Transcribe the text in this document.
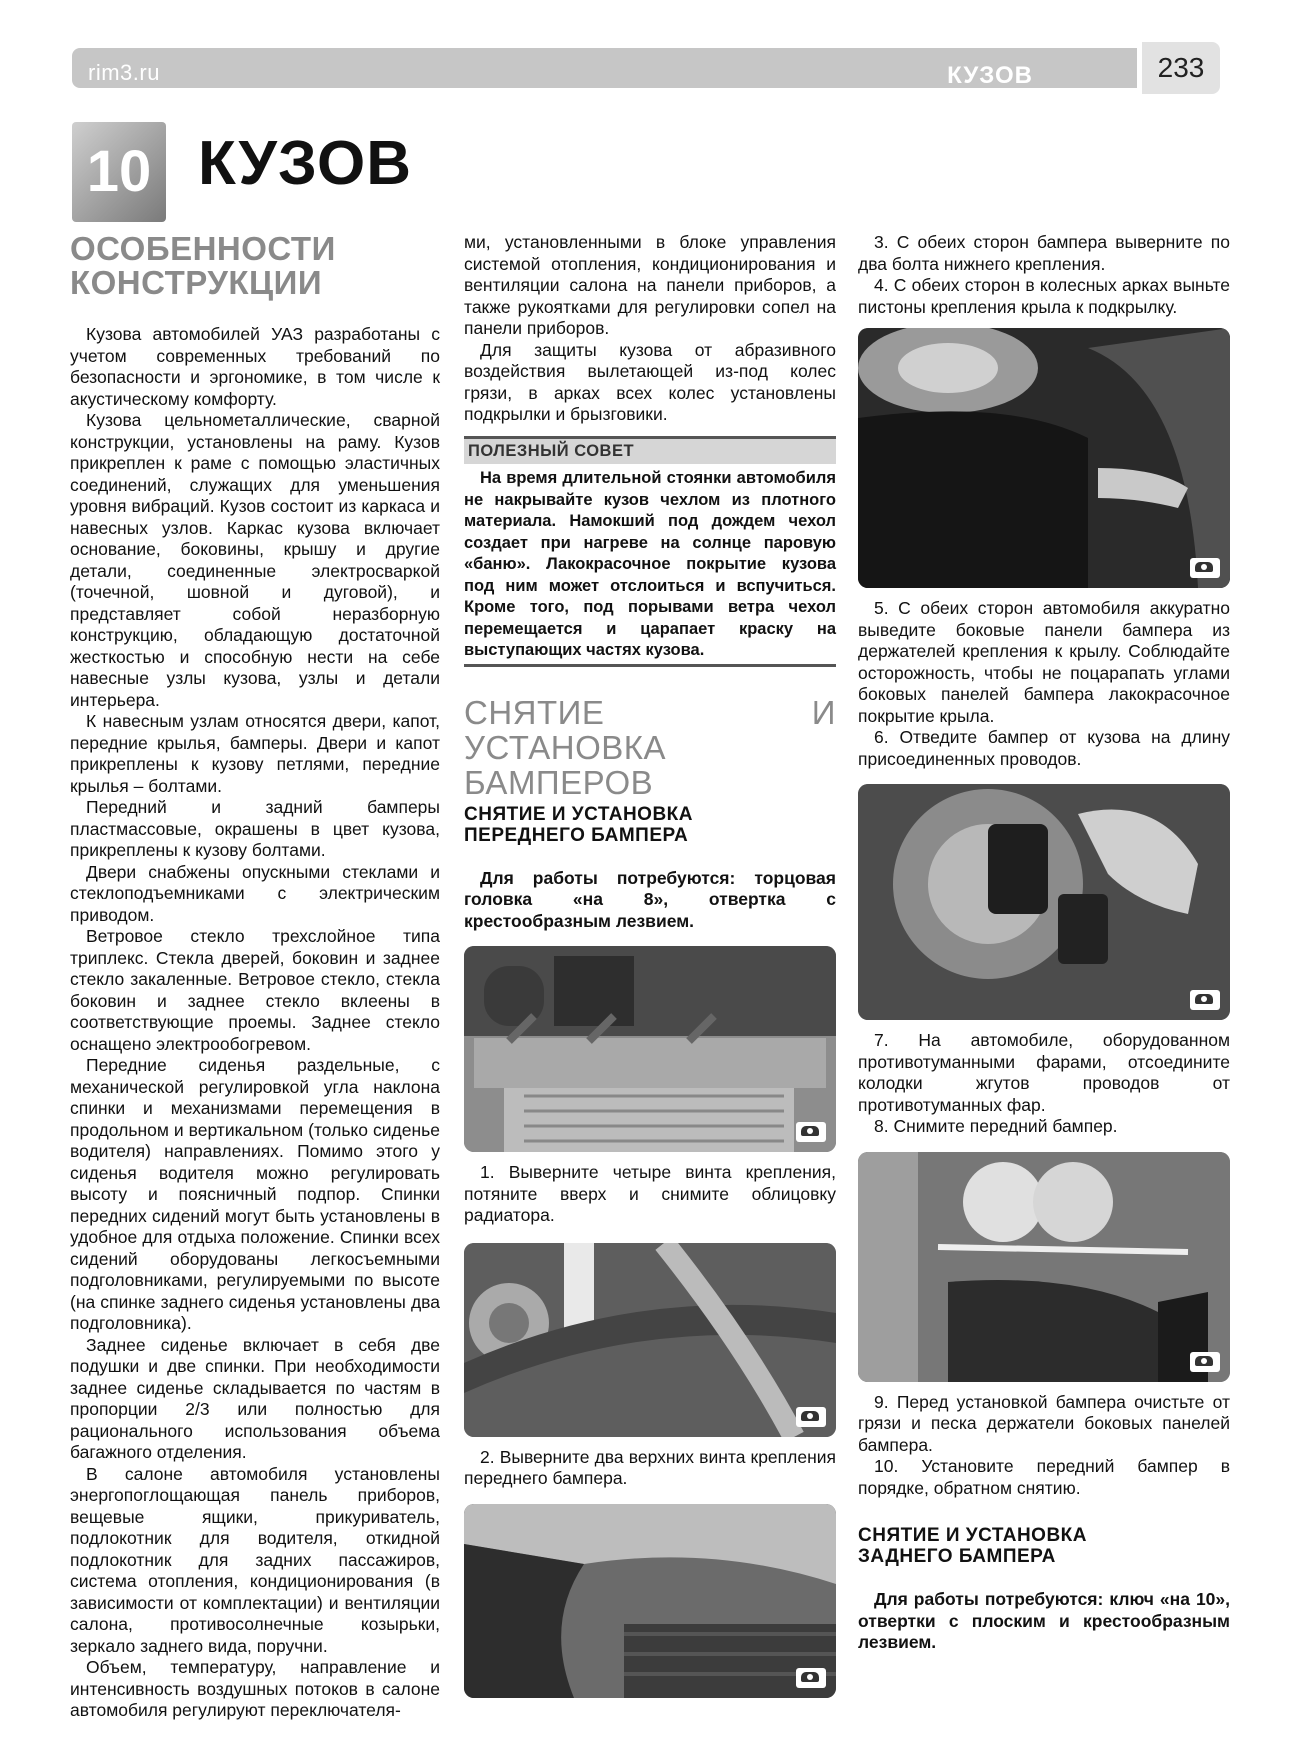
rim3.ru	КУЗОВ	233
10 КУЗОВ
ОСОБЕННОСТИ
КОНСТРУКЦИИ

Кузова автомобилей УАЗ разработаны с учетом современных требований по безопасности и эргономике, в том числе к акустическому комфорту.

Кузова цельнометаллические, сварной конструкции, установлены на раму. Кузов прикреплен к раме с помощью эластичных соединений, служащих для уменьшения уровня вибраций. Кузов состоит из каркаса и навесных узлов. Каркас кузова включает основание, боковины, крышу и другие детали, соединенные электросваркой (точечной, шовной и дуговой), и представляет собой неразборную конструкцию, обладающую достаточной жесткостью и способную нести на себе навесные узлы кузова, узлы и детали интерьера.

К навесным узлам относятся двери, капот, передние крылья, бамперы. Двери и капот прикреплены к кузову петлями, передние крылья – болтами.

Передний и задний бамперы пластмассовые, окрашены в цвет кузова, прикреплены к кузову болтами.

Двери снабжены опускными стеклами и стеклоподъемниками с электрическим приводом.

Ветровое стекло трехслойное типа триплекс. Стекла дверей, боковин и заднее стекло закаленные. Ветровое стекло, стекла боковин и заднее стекло вклеены в соответствующие проемы. Заднее стекло оснащено электрообогревом.

Передние сиденья раздельные, с механической регулировкой угла наклона спинки и механизмами перемещения в продольном и вертикальном (только сиденье водителя) направлениях. Помимо этого у сиденья водителя можно регулировать высоту и поясничный подпор. Спинки передних сидений могут быть установлены в удобное для отдыха положение. Спинки всех сидений оборудованы легкосъемными подголовниками, регулируемыми по высоте (на спинке заднего сиденья установлены два подголовника).

Заднее сиденье включает в себя две подушки и две спинки. При необходимости заднее сиденье складывается по частям в пропорции 2/3 или полностью для рационального использования объема багажного отделения.

В салоне автомобиля установлены энергопоглощающая панель приборов, вещевые ящики, прикуриватель, подлокотник для водителя, откидной подлокотник для задних пассажиров, система отопления, кондиционирования (в зависимости от комплектации) и вентиляции салона, противосолнечные козырьки, зеркало заднего вида, поручни.

Объем, температуру, направление и интенсивность воздушных потоков в салоне автомобиля регулируют переключателя-

ми, установленными в блоке управления системой отопления, кондиционирования и вентиляции салона на панели приборов, а также рукоятками для регулировки сопел на панели приборов.

Для защиты кузова от абразивного воздействия вылетающей из-под колес грязи, в арках всех колес установлены подкрылки и брызговики.

ПОЛЕЗНЫЙ СОВЕТ
На время длительной стоянки автомобиля не накрывайте кузов чехлом из плотного материала. Намокший под дождем чехол создает при нагреве на солнце паровую «баню». Лакокрасочное покрытие кузова под ним может отслоиться и вспучиться. Кроме того, под порывами ветра чехол перемещается и царапает краску на выступающих частях кузова.
СНЯТИЕ И УСТАНОВКА
БАМПЕРОВ
СНЯТИЕ И УСТАНОВКА
ПЕРЕДНЕГО БАМПЕРА

Для работы потребуются: торцовая головка «на 8», отвертка с крестообразным лезвием.

1. Выверните четыре винта крепления, потяните вверх и снимите облицовку радиатора.

2. Выверните два верхних винта крепления переднего бампера.

3. С обеих сторон бампера выверните по два болта нижнего крепления.

4. С обеих сторон в колесных арках выньте пистоны крепления крыла к подкрылку.

5. С обеих сторон автомобиля аккуратно выведите боковые панели бампера из держателей крепления к крылу. Соблюдайте осторожность, чтобы не поцарапать углами боковых панелей бампера лакокрасочное покрытие крыла.

6. Отведите бампер от кузова на длину присоединенных проводов.

7. На автомобиле, оборудованном противотуманными фарами, отсоедините колодки жгутов проводов от противотуманных фар.

8. Снимите передний бампер.

9. Перед установкой бампера очистьте от грязи и песка держатели боковых панелей бампера.

10. Установите передний бампер в порядке, обратном снятию.

СНЯТИЕ И УСТАНОВКА
ЗАДНЕГО БАМПЕРА

Для работы потребуются: ключ «на 10», отвертки с плоским и крестообразным лезвием.
